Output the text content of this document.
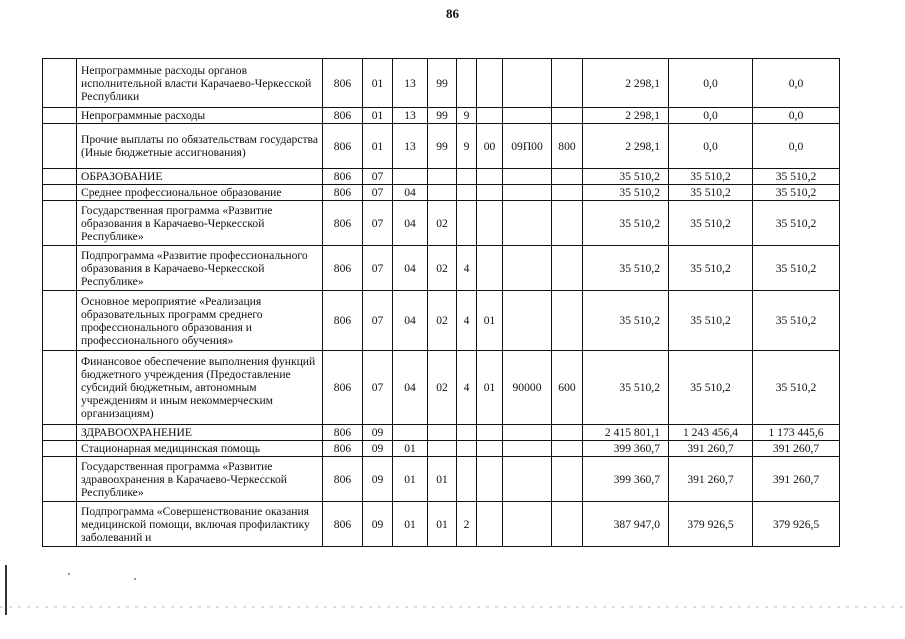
86
	Непрограммные расходы органов исполнительной власти Карачаево-Черкесской Республики	806	01	13	99					2 298,1	0,0	0,0
	Непрограммные расходы	806	01	13	99	9				2 298,1	0,0	0,0
	Прочие выплаты по обязательствам государства (Иные бюджетные ассигнования)	806	01	13	99	9	00	09П00	800	2 298,1	0,0	0,0
	ОБРАЗОВАНИЕ	806	07							35 510,2	35 510,2	35 510,2
	Среднее профессиональное образование	806	07	04						35 510,2	35 510,2	35 510,2
	Государственная программа «Развитие образования в Карачаево-Черкесской Республике»	806	07	04	02					35 510,2	35 510,2	35 510,2
	Подпрограмма «Развитие профессионального образования в Карачаево-Черкесской Республике»	806	07	04	02	4				35 510,2	35 510,2	35 510,2
	Основное мероприятие «Реализация образовательных программ среднего профессионального образования и профессионального обучения»	806	07	04	02	4	01			35 510,2	35 510,2	35 510,2
	Финансовое обеспечение выполнения функций бюджетного учреждения (Предоставление субсидий бюджетным, автономным учреждениям и иным некоммерческим организациям)	806	07	04	02	4	01	90000	600	35 510,2	35 510,2	35 510,2
	ЗДРАВООХРАНЕНИЕ	806	09							2 415 801,1	1 243 456,4	1 173 445,6
	Стационарная медицинская помощь	806	09	01						399 360,7	391 260,7	391 260,7
	Государственная программа «Развитие здравоохранения в Карачаево-Черкесской Республике»	806	09	01	01					399 360,7	391 260,7	391 260,7
	Подпрограмма «Совершенствование оказания медицинской помощи, включая профилактику заболеваний и	806	09	01	01	2				387 947,0	379 926,5	379 926,5
